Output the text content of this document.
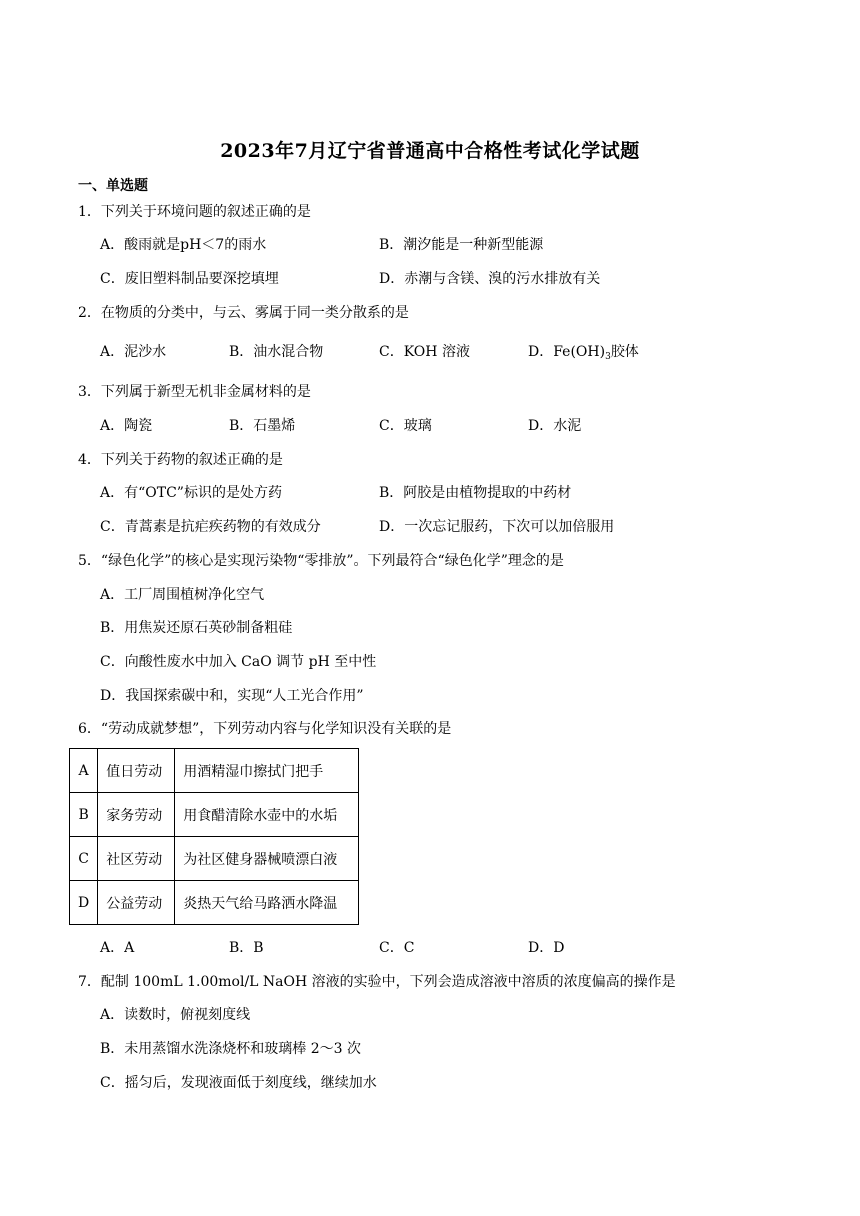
2023年7月辽宁省普通高中合格性考试化学试题
一、单选题
1．下列关于环境问题的叙述正确的是
A．酸雨就是pH＜7的雨水	B．潮汐能是一种新型能源
C．废旧塑料制品要深挖填埋	D．赤潮与含镁、溴的污水排放有关
2．在物质的分类中，与云、雾属于同一类分散系的是
A．泥沙水	B．油水混合物	C．KOH 溶液	D．$Fe(OH)_3$胶体
3．下列属于新型无机非金属材料的是
A．陶瓷	B．石墨烯	C．玻璃	D．水泥
4．下列关于药物的叙述正确的是
A．有“OTC”标识的是处方药	B．阿胶是由植物提取的中药材
C．青蒿素是抗疟疾药物的有效成分	D．一次忘记服药，下次可以加倍服用
5．“绿色化学”的核心是实现污染物“零排放”。下列最符合“绿色化学”理念的是
A．工厂周围植树净化空气
B．用焦炭还原石英砂制备粗硅
C．向酸性废水中加入 CaO 调节 pH 至中性
D．我国探索碳中和，实现“人工光合作用”
6．“劳动成就梦想”，下列劳动内容与化学知识没有关联的是
A	值日劳动	用酒精湿巾擦拭门把手
B	家务劳动	用食醋清除水壶中的水垢
C	社区劳动	为社区健身器械喷漂白液
D	公益劳动	炎热天气给马路洒水降温
A．A	B．B	C．C	D．D
7．配制 100mL 1.00mol/L NaOH 溶液的实验中，下列会造成溶液中溶质的浓度偏高的操作是
A．读数时，俯视刻度线
B．未用蒸馏水洗涤烧杯和玻璃棒 2～3 次
C．摇匀后，发现液面低于刻度线，继续加水
